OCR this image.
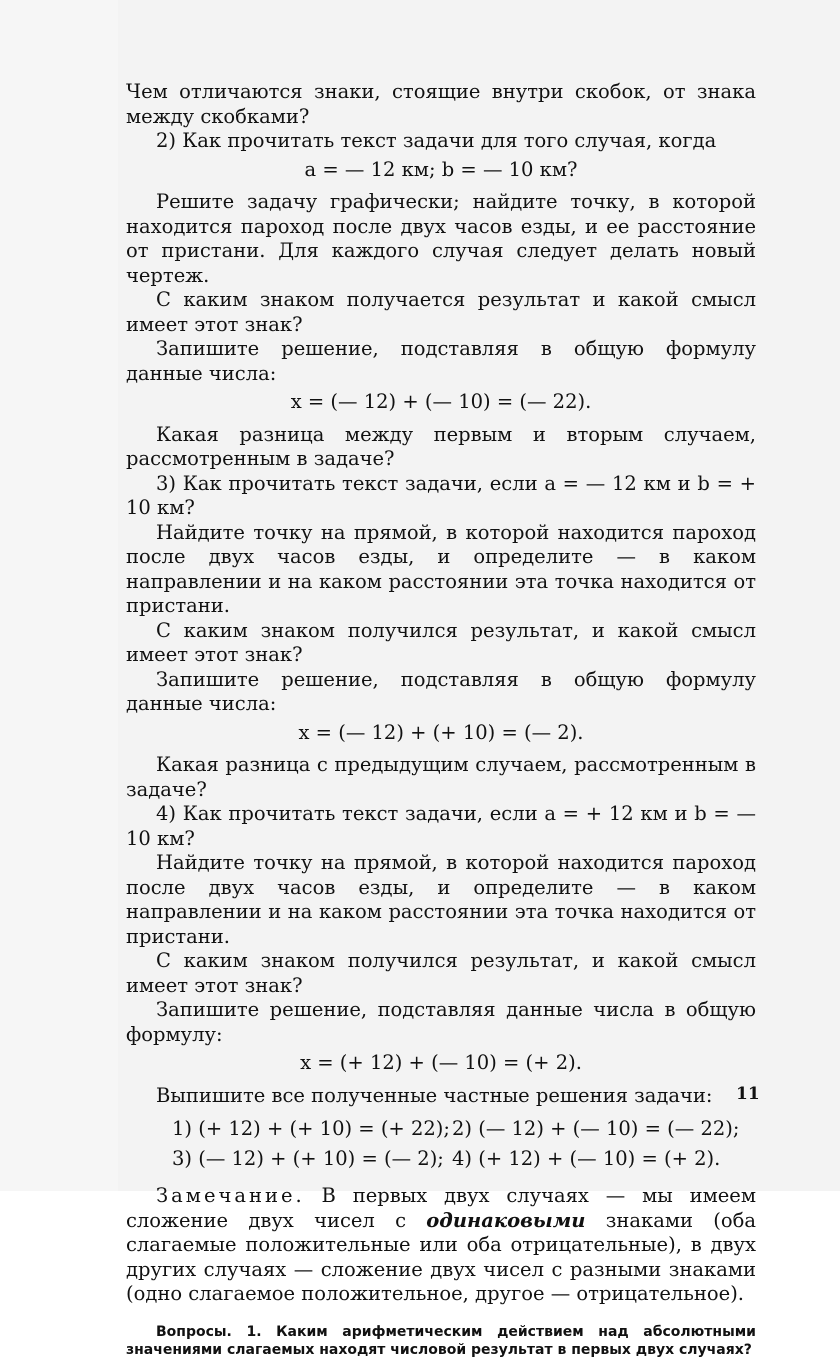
Чем отличаются знаки, стоящие внутри скобок, от знака между скобками?

2) Как прочитать текст задачи для того случая, когда

a = — 12 км; b = — 10 км?

Решите задачу графически; найдите точку, в которой находится пароход после двух часов езды, и ее расстояние от пристани. Для каждого случая следует делать новый чертеж.

С каким знаком получается результат и какой смысл имеет этот знак?

Запишите решение, подставляя в общую формулу данные числа:

x = (— 12) + (— 10) = (— 22).

Какая разница между первым и вторым случаем, рассмотренным в задаче?

3) Как прочитать текст задачи, если a = — 12 км и b = + 10 км?

Найдите точку на прямой, в которой находится пароход после двух часов езды, и определите — в каком направлении и на каком расстоянии эта точка находится от пристани.

С каким знаком получился результат, и какой смысл имеет этот знак?

Запишите решение, подставляя в общую формулу данные числа:

x = (— 12) + (+ 10) = (— 2).

Какая разница с предыдущим случаем, рассмотренным в задаче?

4) Как прочитать текст задачи, если a = + 12 км и b = — 10 км?

Найдите точку на прямой, в которой находится пароход после двух часов езды, и определите — в каком направлении и на каком расстоянии эта точка находится от пристани.

С каким знаком получился результат, и какой смысл имеет этот знак?

Запишите решение, подставляя данные числа в общую формулу:

x = (+ 12) + (— 10) = (+ 2).

Выпишите все полученные частные решения задачи:

1) (+ 12) + (+ 10) = (+ 22); 2) (— 12) + (— 10) = (— 22);
3) (— 12) + (+ 10) = (— 2); 4) (+ 12) + (— 10) = (+ 2).

Замечание. В первых двух случаях — мы имеем сложение двух чисел с одинаковыми знаками (оба слагаемые положительные или оба отрицательные), в двух других случаях — сложение двух чисел с разными знаками (одно слагаемое положительное, другое — отрицательное).

Вопросы. 1. Каким арифметическим действием над абсолютными значениями слагаемых находят числовой результат в первых двух случаях?
11
